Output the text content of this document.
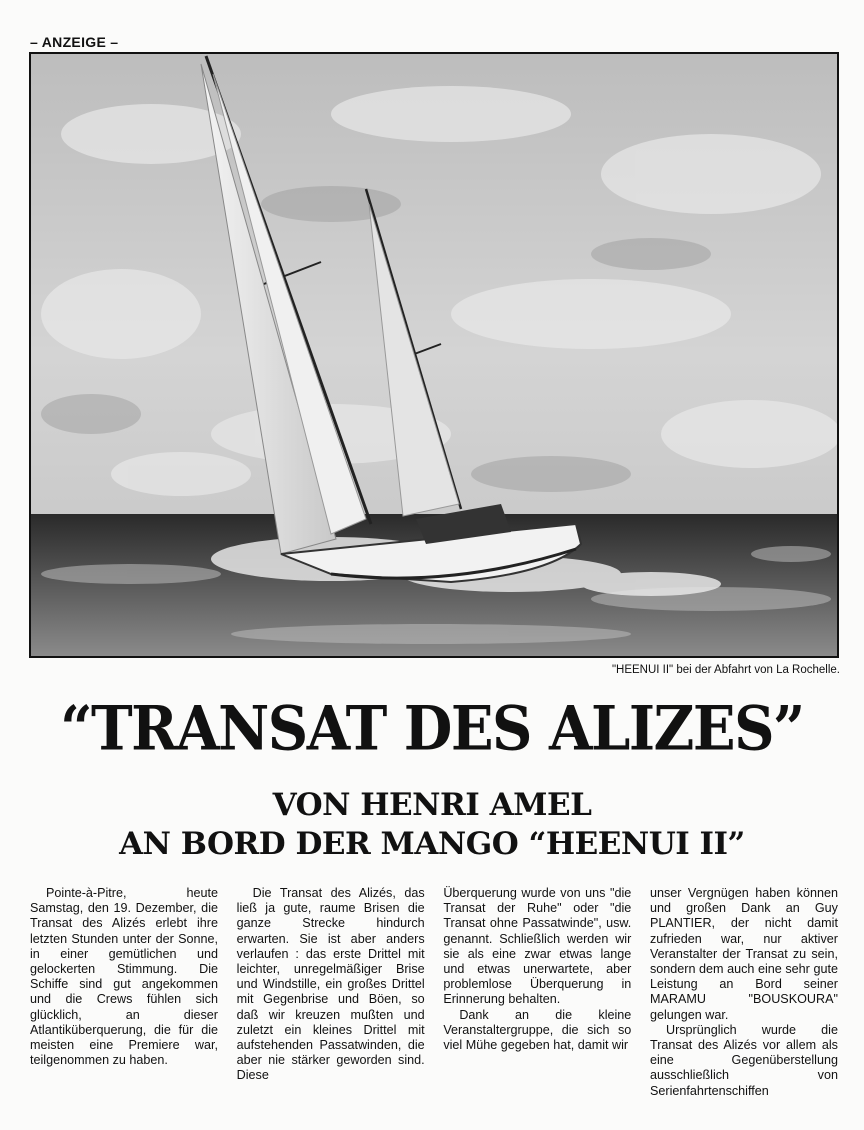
– ANZEIGE –
"HEENUI II" bei der Abfahrt von La Rochelle.
“TRANSAT DES ALIZES”
VON HENRI AMEL
AN BORD DER MANGO “HEENUI II”

Pointe-à-Pitre, heute Samstag, den 19. Dezember, die Transat des Alizés erlebt ihre letzten Stunden unter der Sonne, in einer gemütlichen und gelockerten Stimmung. Die Schiffe sind gut angekommen und die Crews fühlen sich glücklich, an dieser Atlantiküberquerung, die für die meisten eine Premiere war, teilgenommen zu haben.

Die Transat des Alizés, das ließ ja gute, raume Brisen die ganze Strecke hindurch erwarten. Sie ist aber anders verlaufen : das erste Drittel mit leichter, unregelmäßiger Brise und Windstille, ein großes Drittel mit Gegenbrise und Böen, so daß wir kreuzen mußten und zuletzt ein kleines Drittel mit aufstehenden Passatwinden, die aber nie stärker geworden sind. Diese

Überquerung wurde von uns "die Transat der Ruhe" oder "die Transat ohne Passatwinde", usw. genannt. Schließlich werden wir sie als eine zwar etwas lange und etwas unerwartete, aber problemlose Überquerung in Erinnerung behalten.

Dank an die kleine Veranstaltergruppe, die sich so viel Mühe gegeben hat, damit wir

unser Vergnügen haben können und großen Dank an Guy PLANTIER, der nicht damit zufrieden war, nur aktiver Veranstalter der Transat zu sein, sondern dem auch eine sehr gute Leistung an Bord seiner MARAMU "BOUSKOURA" gelungen war.

Ursprünglich wurde die Transat des Alizés vor allem als eine Gegenüberstellung ausschließlich von Serienfahrtenschiffen
